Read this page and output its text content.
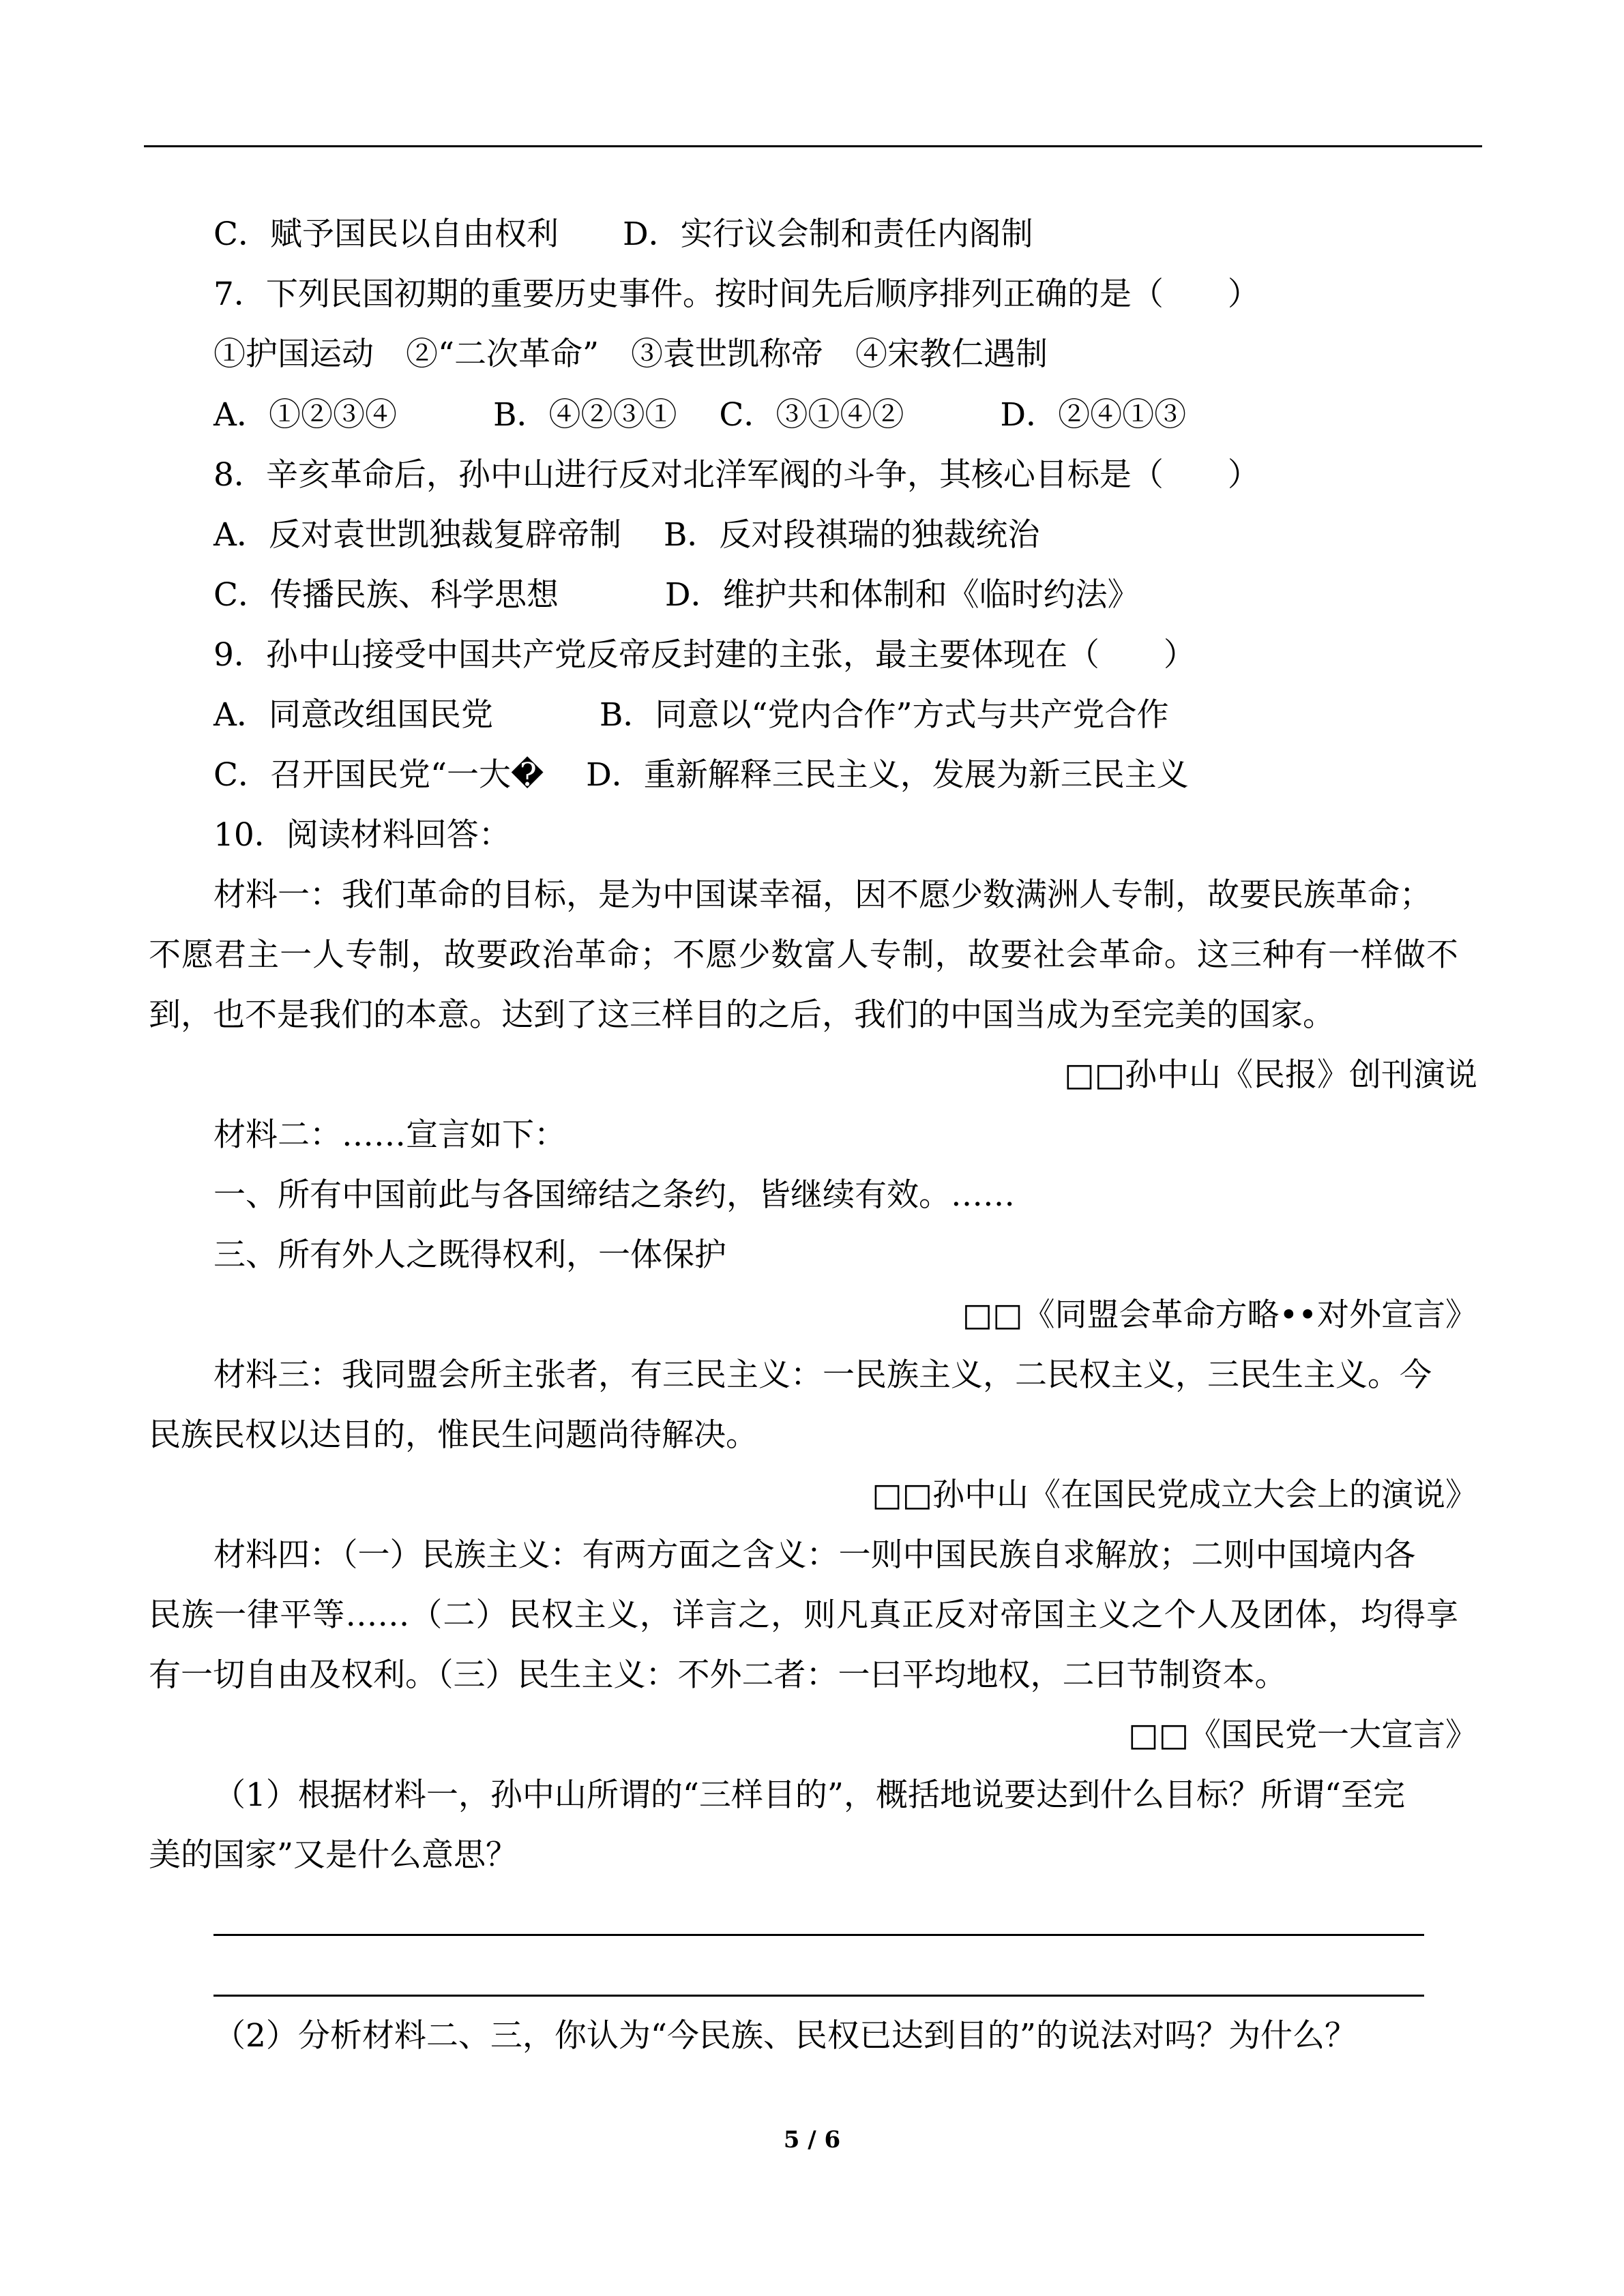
C．赋予国民以自由权利　　D．实行议会制和责任内阁制
7．下列民国初期的重要历史事件。按时间先后顺序排列正确的是（　　）
①护国运动　②“二次革命”　③袁世凯称帝　④宋教仁遇制
A．①②③④　　　B．④②③①　 C．③①④②　　　D．②④①③
8．辛亥革命后，孙中山进行反对北洋军阀的斗争，其核心目标是（　　）
A．反对袁世凯独裁复辟帝制　 B．反对段祺瑞的独裁统治
C．传播民族、科学思想　　　 D．维护共和体制和《临时约法》
9．孙中山接受中国共产党反帝反封建的主张，最主要体现在（　　）
A．同意改组国民党　　　 B．同意以“党内合作”方式与共产党合作
C．召开国民党“一大�　 D．重新解释三民主义，发展为新三民主义
10．阅读材料回答：
材料一：我们革命的目标，是为中国谋幸福，因不愿少数满洲人专制，故要民族革命；
不愿君主一人专制，故要政治革命；不愿少数富人专制，故要社会革命。这三种有一样做不
到，也不是我们的本意。达到了这三样目的之后，我们的中国当成为至完美的国家。
□□孙中山《民报》创刊演说
材料二：……宣言如下：
一、所有中国前此与各国缔结之条约，皆继续有效。……
三、所有外人之既得权利，一体保护
□□《同盟会革命方略••对外宣言》
材料三：我同盟会所主张者，有三民主义：一民族主义，二民权主义，三民生主义。今
民族民权以达目的，惟民生问题尚待解决。
□□孙中山《在国民党成立大会上的演说》
材料四：（一）民族主义：有两方面之含义：一则中国民族自求解放；二则中国境内各
民族一律平等……（二）民权主义，详言之，则凡真正反对帝国主义之个人及团体，均得享
有一切自由及权利。（三）民生主义：不外二者：一曰平均地权，二曰节制资本。
□□《国民党一大宣言》
（1）根据材料一，孙中山所谓的“三样目的”，概括地说要达到什么目标？所谓“至完
美的国家”又是什么意思？
（2）分析材料二、三，你认为“今民族、民权已达到目的”的说法对吗？为什么？
5 / 6
